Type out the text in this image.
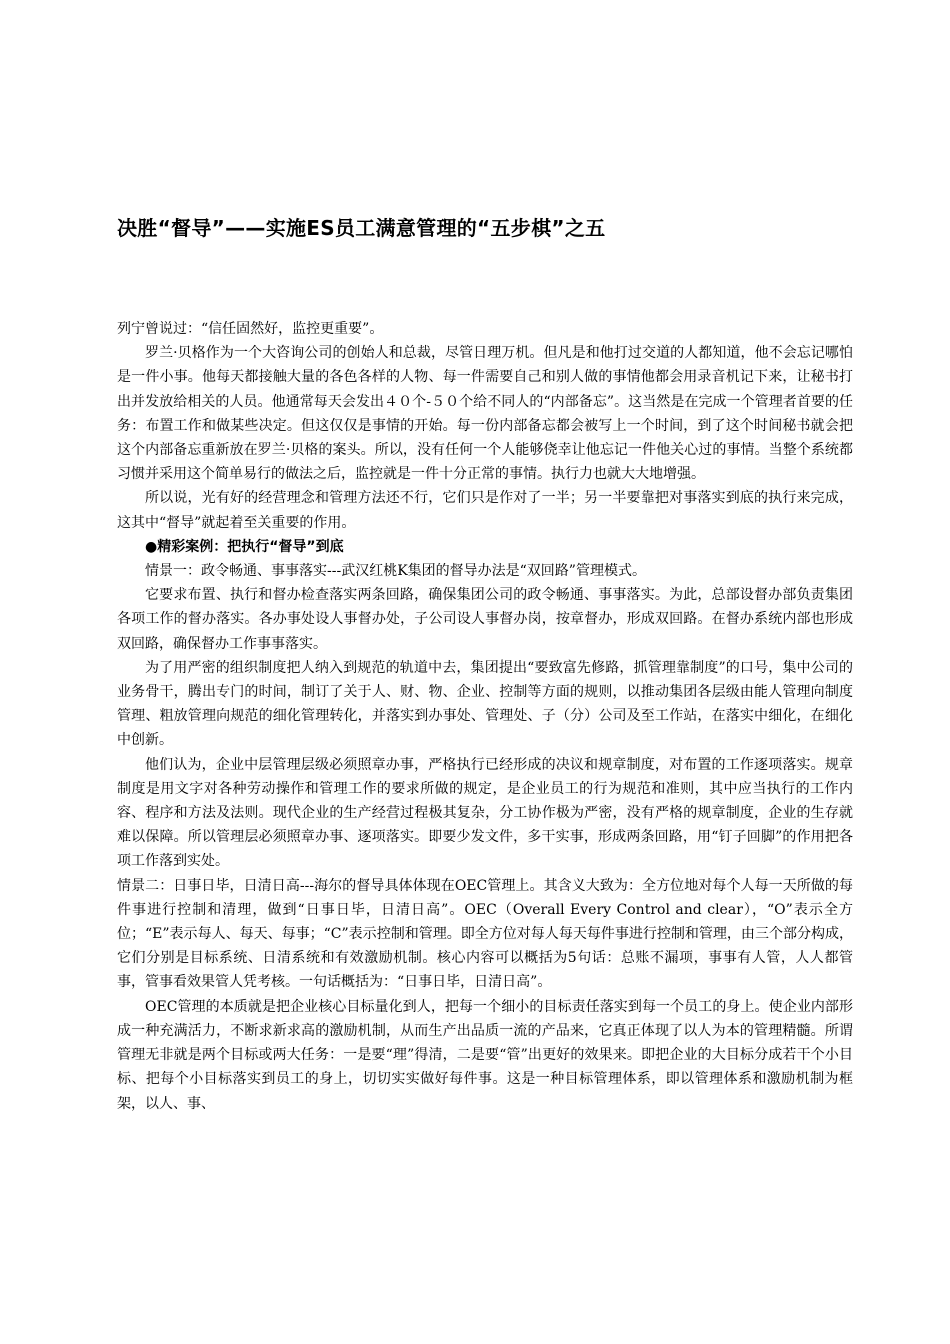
决胜“督导”——实施ES员工满意管理的“五步棋”之五

列宁曾说过：“信任固然好，监控更重要”。

罗兰·贝格作为一个大咨询公司的创始人和总裁，尽管日理万机。但凡是和他打过交道的人都知道，他不会忘记哪怕是一件小事。他每天都接触大量的各色各样的人物、每一件需要自己和别人做的事情他都会用录音机记下来，让秘书打出并发放给相关的人员。他通常每天会发出４０个-５０个给不同人的“内部备忘”。这当然是在完成一个管理者首要的任务：布置工作和做某些决定。但这仅仅是事情的开始。每一份内部备忘都会被写上一个时间，到了这个时间秘书就会把这个内部备忘重新放在罗兰·贝格的案头。所以，没有任何一个人能够侥幸让他忘记一件他关心过的事情。当整个系统都习惯并采用这个简单易行的做法之后，监控就是一件十分正常的事情。执行力也就大大地增强。

所以说，光有好的经营理念和管理方法还不行，它们只是作对了一半；另一半要靠把对事落实到底的执行来完成，这其中“督导”就起着至关重要的作用。

●精彩案例：把执行“督导”到底

情景一：政令畅通、事事落实---武汉红桃K集团的督导办法是“双回路”管理模式。

它要求布置、执行和督办检查落实两条回路，确保集团公司的政令畅通、事事落实。为此，总部设督办部负责集团各项工作的督办落实。各办事处设人事督办处，子公司设人事督办岗，按章督办，形成双回路。在督办系统内部也形成双回路，确保督办工作事事落实。

为了用严密的组织制度把人纳入到规范的轨道中去，集团提出“要致富先修路，抓管理靠制度”的口号，集中公司的业务骨干，腾出专门的时间，制订了关于人、财、物、企业、控制等方面的规则，以推动集团各层级由能人管理向制度管理、粗放管理向规范的细化管理转化，并落实到办事处、管理处、子（分）公司及至工作站，在落实中细化，在细化中创新。

他们认为，企业中层管理层级必须照章办事，严格执行已经形成的决议和规章制度，对布置的工作逐项落实。规章制度是用文字对各种劳动操作和管理工作的要求所做的规定，是企业员工的行为规范和准则，其中应当执行的工作内容、程序和方法及法则。现代企业的生产经营过程极其复杂，分工协作极为严密，没有严格的规章制度，企业的生存就难以保障。所以管理层必须照章办事、逐项落实。即要少发文件，多干实事，形成两条回路，用“钉子回脚”的作用把各项工作落到实处。

情景二：日事日毕，日清日高---海尔的督导具体体现在OEC管理上。其含义大致为：全方位地对每个人每一天所做的每件事进行控制和清理，做到“日事日毕，日清日高”。OEC（Overall Every Control and clear），“O”表示全方位；“E”表示每人、每天、每事；“C”表示控制和管理。即全方位对每人每天每件事进行控制和管理，由三个部分构成，它们分别是目标系统、日清系统和有效激励机制。核心内容可以概括为5句话：总账不漏项，事事有人管，人人都管事，管事看效果管人凭考核。一句话概括为：“日事日毕，日清日高”。

OEC管理的本质就是把企业核心目标量化到人，把每一个细小的目标责任落实到每一个员工的身上。使企业内部形成一种充满活力，不断求新求高的激励机制，从而生产出品质一流的产品来，它真正体现了以人为本的管理精髓。所谓管理无非就是两个目标或两大任务：一是要“理”得清，二是要“管”出更好的效果来。即把企业的大目标分成若干个小目标、把每个小目标落实到员工的身上，切切实实做好每件事。这是一种目标管理体系，即以管理体系和激励机制为框架，以人、事、
